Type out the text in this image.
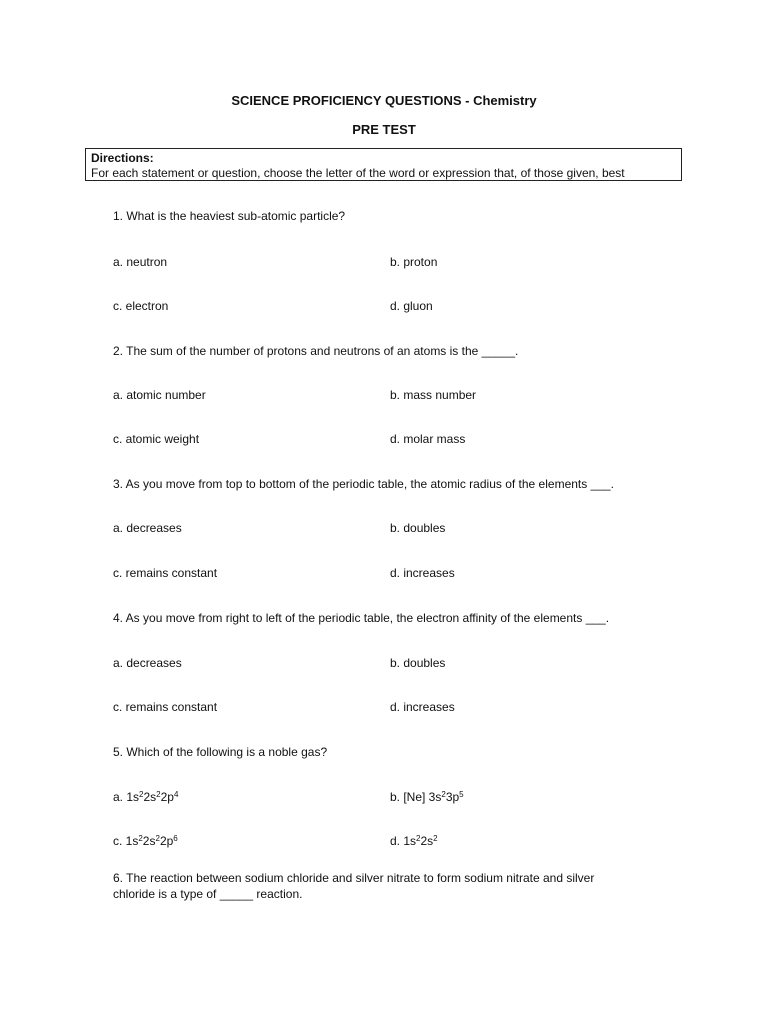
SCIENCE PROFICIENCY QUESTIONS - Chemistry
PRE TEST
Directions:
For each statement or question, choose the letter of the word or expression that, of those given, best
1. What is the heaviest sub-atomic particle?
a. neutron	b. proton
c. electron	d. gluon
2. The sum of the number of protons and neutrons of an atoms is the _____.
a. atomic number	b. mass number
c. atomic weight	d. molar mass
3. As you move from top to bottom of the periodic table, the atomic radius of the elements ___.
a. decreases	b. doubles
c. remains constant	d. increases
4. As you move from right to left of the periodic table, the electron affinity of the elements ___.
a. decreases	b. doubles
c. remains constant	d. increases
5. Which of the following is a noble gas?
a. $1s^22s^22p^4$	b. [Ne] $3s^23p^5$
c. $1s^22s^22p^6$	d. $1s^22s^2$
6. The reaction between sodium chloride and silver nitrate to form sodium nitrate and silver
chloride is a type of _____ reaction.
